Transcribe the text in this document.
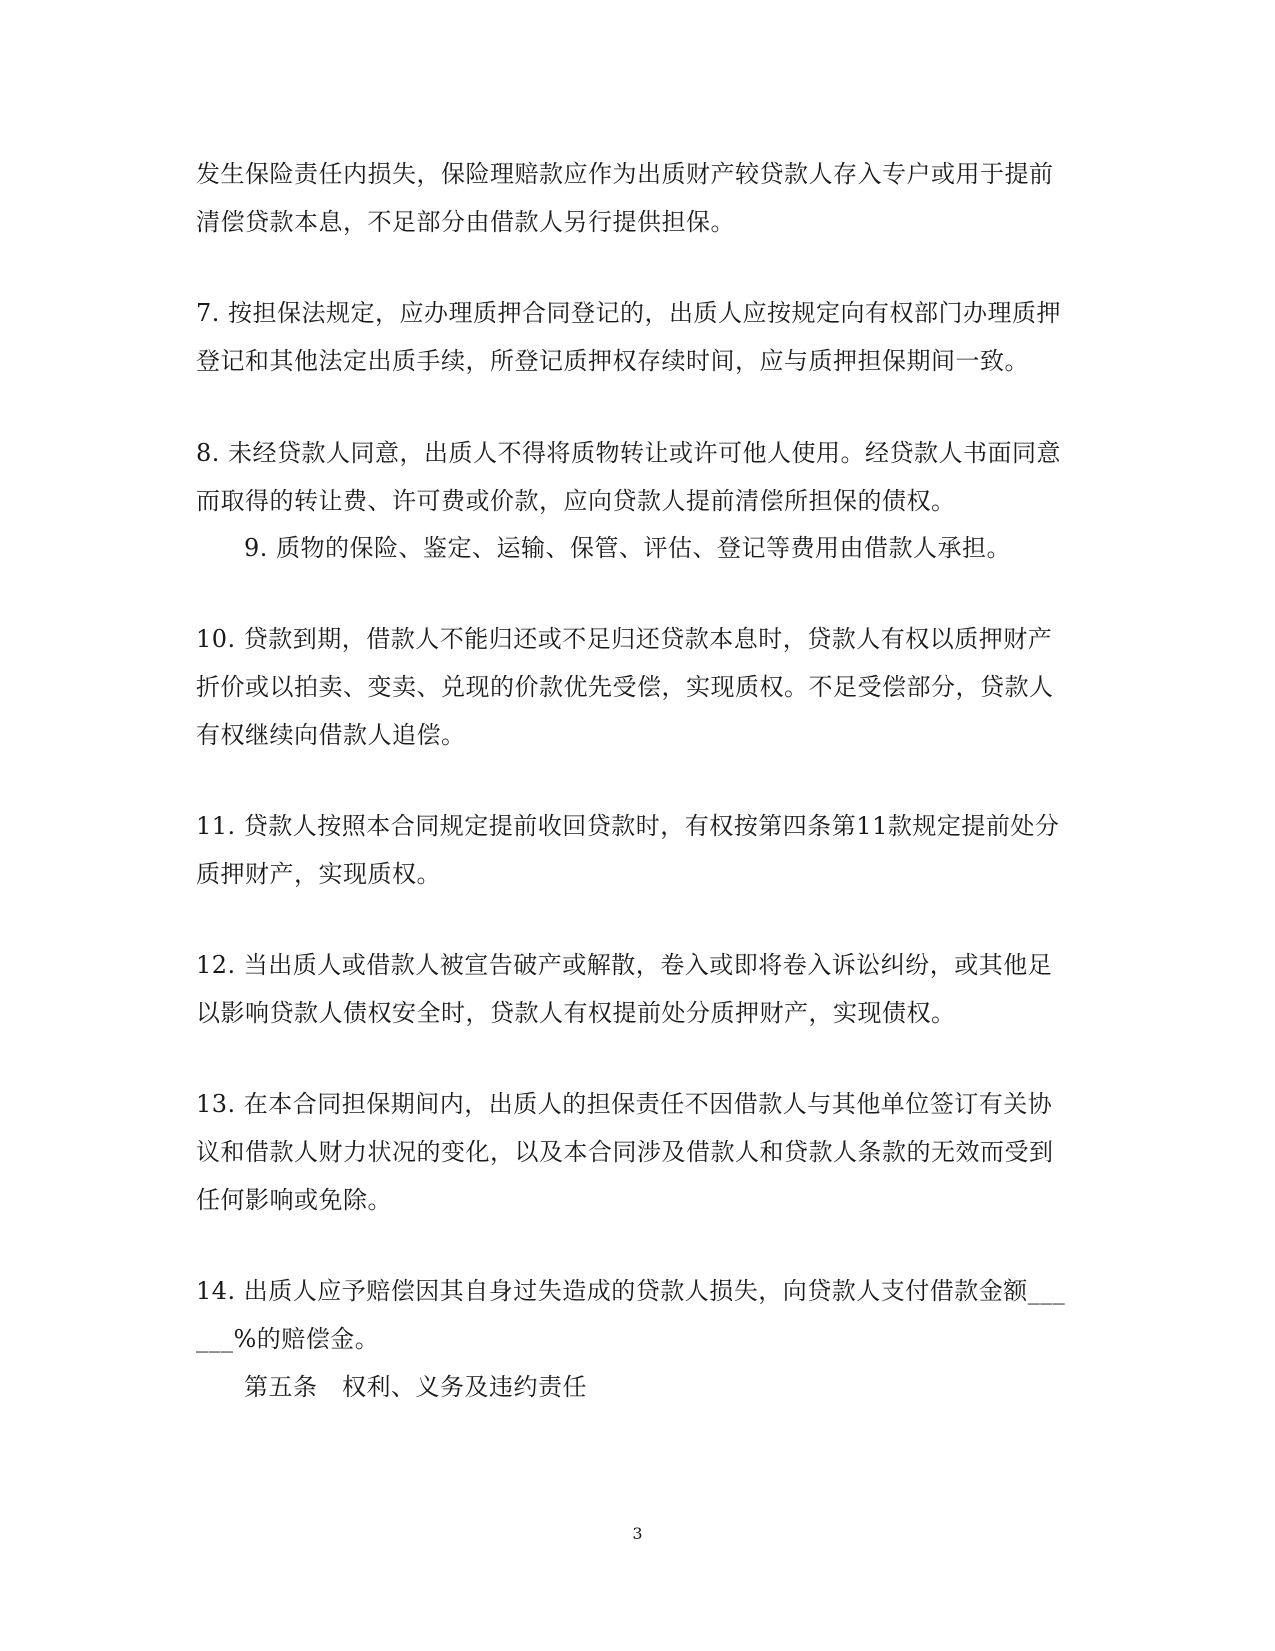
发生保险责任内损失，保险理赔款应作为出质财产较贷款人存入专户或用于提前
清偿贷款本息，不足部分由借款人另行提供担保。
7. 按担保法规定，应办理质押合同登记的，出质人应按规定向有权部门办理质押
登记和其他法定出质手续，所登记质押权存续时间，应与质押担保期间一致。
8. 未经贷款人同意，出质人不得将质物转让或许可他人使用。经贷款人书面同意
而取得的转让费、许可费或价款，应向贷款人提前清偿所担保的债权。
9. 质物的保险、鉴定、运输、保管、评估、登记等费用由借款人承担。
10. 贷款到期，借款人不能归还或不足归还贷款本息时，贷款人有权以质押财产
折价或以拍卖、变卖、兑现的价款优先受偿，实现质权。不足受偿部分，贷款人
有权继续向借款人追偿。
11. 贷款人按照本合同规定提前收回贷款时，有权按第四条第11款规定提前处分
质押财产，实现质权。
12. 当出质人或借款人被宣告破产或解散，卷入或即将卷入诉讼纠纷，或其他足
以影响贷款人债权安全时，贷款人有权提前处分质押财产，实现债权。
13. 在本合同担保期间内，出质人的担保责任不因借款人与其他单位签订有关协
议和借款人财力状况的变化，以及本合同涉及借款人和贷款人条款的无效而受到
任何影响或免除。
14. 出质人应予赔偿因其自身过失造成的贷款人损失，向贷款人支付借款金额___
___%的赔偿金。
第五条　权利、义务及违约责任
3
